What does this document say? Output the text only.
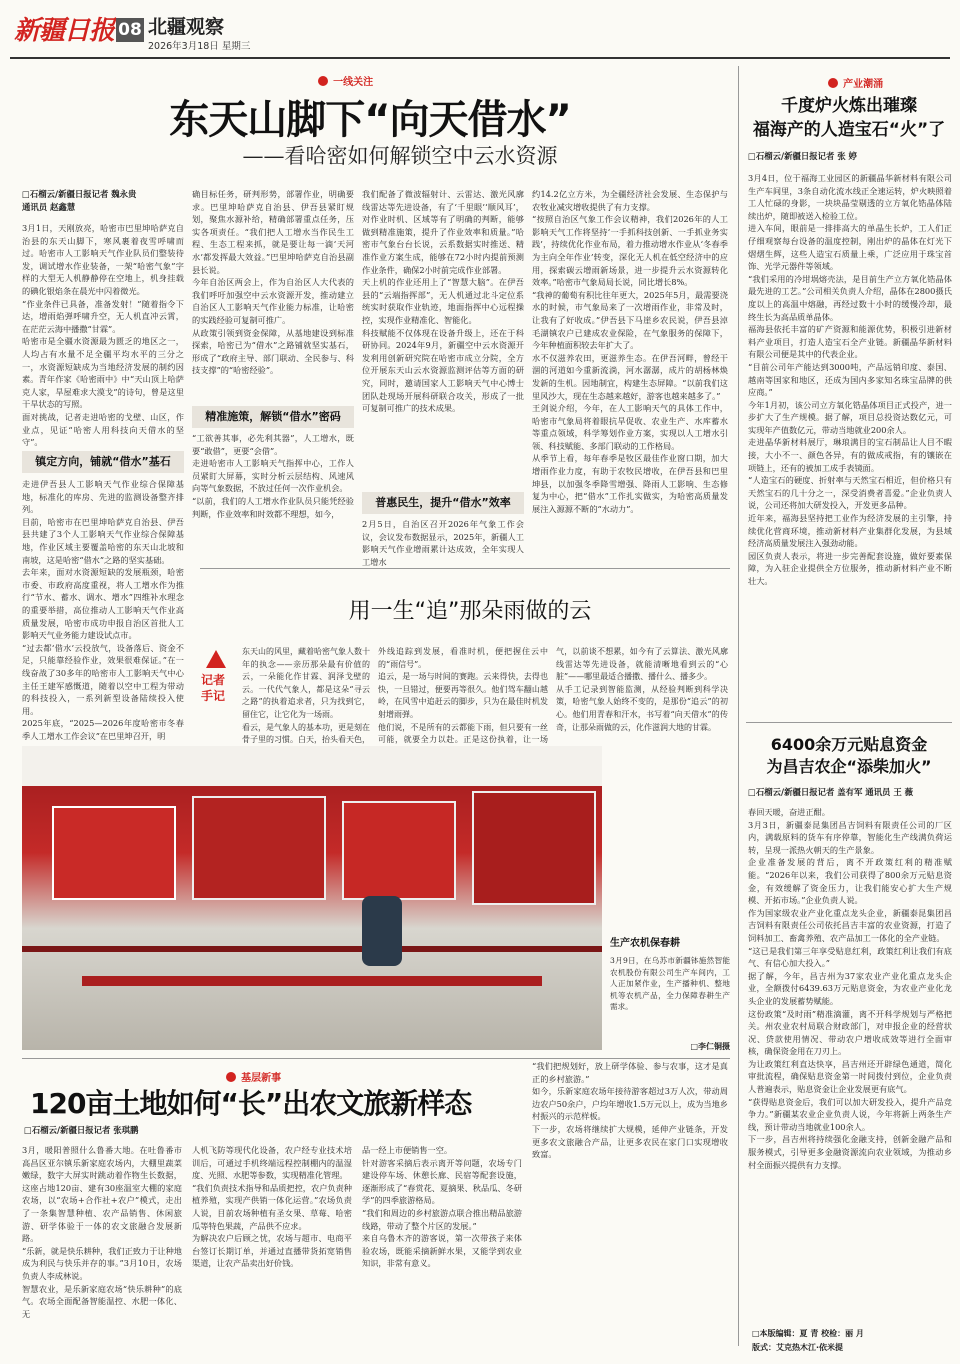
新疆日报 08 北疆观察
2026年3月18日 星期三
一线关注
东天山脚下“向天借水”
——看哈密如何解锁空中云水资源
□石榴云/新疆日报记者 魏永贵
通讯员 赵鑫慧

3月1日，天刚放亮，哈密市巴里坤哈萨克自治县的东天山脚下，寒风裹着夜雪呼啸而过。哈密市人工影响天气作业队员们整装待发，调试增水作业装备，一架“哈密气象”字样的大型无人机静静停在空地上，机身挂载的碘化银焰条在晨光中闪着微光。
“作业条件已具备，准备发射！”随着指令下达，增雨焰弹呼啸升空，无人机直冲云霄，在茫茫云海中播撒“甘霖”。
哈密市是全疆水资源最为匮乏的地区之一，人均占有水量不足全疆平均水平的三分之一，水资源短缺成为当地经济发展的制约因素。青年作家《哈密雨中》中“天山顶上哈萨克人家，旱屋难求大漠戈”的诗句，曾是这里干旱状态的写照。
面对挑战，记者走进哈密的戈壁、山区，作业点，见证“哈密人用科技向天借水的坚守”。

镇定方向，铺就“借水”基石

走进伊吾县人工影响天气作业综合保障基地，标准化的库房、先进的监测设备整齐排列。
目前，哈密市在巴里坤哈萨克自治县、伊吾县共建了3个人工影响天气作业综合保障基地，作业区域主要覆盖哈密的东天山北坡和南坡，这是哈密“借水”之路的坚实基础。
去年来，面对水资源短缺的发展瓶颈，哈密市委、市政府高度重视，将人工增水作为推行“节水、蓄水、调水、增水”四维补水理念的重要举措，高位推动人工影响天气作业高质量发展，哈密市成功申报自治区首批人工影响天气业务能力建设试点市。
“过去都‘借水’云投放气，设备落后、资金不足，只能靠经验作业，效果很难保证。”在一线奋战了30多年的哈密市人工影响天气中心主任王建军感慨道，随着以空中工程为带动的科技投入，一系列新型设备陆续投入使用。
2025年底，“2025—2026年度哈密市冬春季人工增水工作会议”在巴里坤召开，明

确目标任务，研判形势，部署作业，明确要求。巴里坤哈萨克自治县、伊吾县紧盯规划，聚焦水源补给，精确部署重点任务，压实各项责任。“我们把人工增水当作民生工程、生态工程来抓，就是要让每一滴‘天河水’都发挥最大效益。”巴里坤哈萨克自治县副县长说。
今年自治区两会上，作为自治区人大代表的我们呼吁加强空中云水资源开发，推动建立自治区人工影响天气作业能力标准，让哈密的实践经验可复制可推广。
从政策引领到资金保障，从基地建设到标准探索，哈密已为“借水”之路铺就坚实基石，形成了“政府主导、部门联动、全民参与、科技支撑”的“哈密经验”。

精准施策，解锁“借水”密码

“工欲善其事，必先利其器”，人工增水，既要“敢借”，更要“会借”。
走进哈密市人工影响天气指挥中心，工作人员紧盯大屏幕，实时分析云层结构、风速风向等气象数据，不放过任何一次作业机会。
“以前，我们的人工增水作业队员只能凭经验判断，作业效率和时效都不理想，如今，

我们配备了微波辐射计、云雷达、激光风廓线雷达等先进设备，有了‘千里眼’‘顺风耳’，对作业时机、区域等有了明确的判断，能够做到精准施策，提升了作业效率和质量。”哈密市气象台台长说，云系数据实时推送、精准作业方案生成，能够在72小时内提前预测作业条件，确保2小时前完成作业部署。
天上机的作业还用上了“智慧大脑”。在伊吾县的“云端指挥部”，无人机通过北斗定位系统实时获取作业轨迹，地面指挥中心远程操控，实现作业精准化、智能化。
科技赋能不仅体现在设备升级上，还在于科研协同。2024年9月，新疆空中云水资源开发利用创新研究院在哈密市成立分院，全方位开展东天山云水资源监测评估等方面的研究，同时，邀请国家人工影响天气中心博士团队赴现场开展科研联合攻关，形成了一批可复制可推广的技术成果。

普惠民生，提升“借水”效率

2月5日，自治区召开2026年气象工作会议，会议发布数据显示，2025年，新疆人工影响天气作业增雨累计达成效，全年实现人工增水

约14.2亿立方米，为全疆经济社会发展、生态保护与农牧业减灾增收提供了有力支撑。
“按照自治区气象工作会议精神，我们2026年的人工影响天气工作将坚持‘一手抓科技创新、一手抓业务实践’，持续优化作业布局，着力推动增水作业从‘冬春季为主向全年作业’转变，深化无人机在低空经济中的应用，探索碳云增雨新场景，进一步提升云水资源转化效率。”哈密市气象局局长说，同比增长8%。
“我神的葡萄有积比往年更大，2025年5月，最需要浇水的时候，市气象局来了一次增雨作业，非常及时，让我有了好收成。”伊吾县下马崖乡农民说，伊吾县淖毛湖镇农户已建成农业保险，在气象服务的保障下，今年种植面积较去年扩大了。
水不仅滋养农田，更滋养生态。在伊吾河畔，曾经干涸的河道如今重新流淌，河水潺潺，成片的胡杨林焕发新的生机。因地制宜，构建生态屏障。“以前我们这里风沙大，现在生态越来越好，游客也越来越多了。”
王剑说介绍，今年，在人工影响天气的具体工作中，哈密市气象局将着眼抗旱促收、农业生产、水库蓄水等重点领域，科学筹划作业方案，实现以人工增水引领、科技赋能、多部门联动的工作格局。
从季节上看，每年春季是牧区最佳作业窗口期，加大增雨作业力度，有助于农牧民增收，在伊吾县和巴里坤县，以加强冬季降雪增强、降雨人工影响、生态修复为中心，把“借水”工作扎实做实，为哈密高质量发展注入源源不断的“水动力”。

产业潮涌
千度炉火炼出璀璨
福海产的人造宝石“火”了
□石榴云/新疆日报记者 张 婷

3月4日，位于福海工业园区的新疆晶华新材料有限公司生产车间里，3条自动化流水线正全速运转，炉火映照着工人忙碌的身影，一块块晶莹剔透的立方氧化锆晶体陆续出炉，随即被送入检验工位。
进入车间，眼前是一排排高大的单晶生长炉，工人们正仔细观察每台设备的温度控制，刚出炉的晶体在灯光下熠熠生辉，这些人造宝石质量上乘，广泛应用于珠宝首饰、光学元器件等领域。
“我们采用的冷坩埚熔壳法，是目前生产立方氧化锆晶体最先进的工艺。”公司相关负责人介绍，晶体在2800摄氏度以上的高温中熔融，再经过数十小时的缓慢冷却，最终生长为高品质单晶体。
福海县依托丰富的矿产资源和能源优势，积极引进新材料产业项目，打造人造宝石全产业链。新疆晶华新材料有限公司便是其中的代表企业。
“目前公司年产能达到3000吨，产品远销印度、泰国、越南等国家和地区，还成为国内多家知名珠宝品牌的供应商。”
今年1月初，该公司立方氧化锆晶体项目正式投产，进一步扩大了生产规模。据了解，项目总投资达数亿元，可实现年产值数亿元，带动当地就业200余人。
走进晶华新材料展厅，琳琅满目的宝石制品让人目不暇接，大小不一、颜色各异，有的做成戒指，有的镶嵌在项链上，还有的被加工成手表镜面。
“人造宝石的硬度、折射率与天然宝石相近，但价格只有天然宝石的几十分之一，深受消费者喜爱。”企业负责人说，公司还将加大研发投入，开发更多品种。
近年来，福海县坚持把工业作为经济发展的主引擎，持续优化营商环境，推动新材料产业集群化发展，为县域经济高质量发展注入强劲动能。
园区负责人表示，将进一步完善配套设施，做好要素保障，为入驻企业提供全方位服务，推动新材料产业不断壮大。

用一生“追”那朵雨做的云
记者手记

东天山的风里，藏着哈密气象人数十年的执念——亲历那朵最有价值的云，一朵能化作甘霖、润泽戈壁的云。一代代气象人，都是这朵“寻云之路”的执着追求者，只为找到它，留住它，让它化为一场雨。
看云，是气象人的基本功，更是刻在骨子里的习惯。白天，抬头看天色，

外线追踪到发展，看准时机，便把握住云中的“雨信号”。
追云，是一场与时间的赛跑。云来得快，去得也快，一旦错过，便要再等很久。他们驾车翻山越岭，在风雪中追赶云的脚步，只为在最佳时机发射增雨弹。
他们说，不是所有的云都能下雨，但只要有一丝可能，就要全力以赴。正是这份执着，让一场

气，以前谈不想累，如今有了云算法、激光风廓线雷达等先进设备，就能清晰地看到云的“心脏”——哪里最适合播撒、播什么、播多少。
从手工记录到智能监测，从经验判断到科学决策，哈密气象人始终不变的，是那份“追云”的初心。他们用青春和汗水，书写着“向天借水”的传奇，让那朵雨做的云，化作滋润大地的甘霖。

生产农机保春耕
3月9日，在乌苏市新疆钵施然智能农机股份有限公司生产车间内，工人正加紧作业，生产播种机、整地机等农机产品，全力保障春耕生产需求。
□李仁铜摄
6400余万元贴息资金
为昌吉农企“添柴加火”
□石榴云/新疆日报记者 盖有军 通讯员 王 薇

春回天暖，奋进正酣。
3月3日，新疆泰昆集团昌吉饲料有限责任公司的厂区内，满载原料的货车有序停靠，智能化生产线满负荷运转，呈现一派热火朝天的生产景象。
企业准备发展的背后，离不开政策红利的精准赋能。“2026年以来，我们公司获得了800余万元贴息资金，有效缓解了资金压力，让我们能安心扩大生产规模、开拓市场。”企业负责人说。
作为国家级农业产业化重点龙头企业，新疆泰昆集团昌吉饲料有限责任公司依托昌吉丰富的农业资源，打造了饲料加工、畜禽养殖、农产品加工一体化的全产业链。
“这已是我们第三年享受贴息红利，政策红利让我们有底气、有信心加大投入。”
据了解，今年，昌吉州为37家农业产业化重点龙头企业，全额拨付6439.63万元贴息资金，为农业产业化龙头企业的发展蓄势赋能。
这份政策“及时雨”精准滴灌，离不开科学规划与严格把关。州农业农村局联合财政部门，对申报企业的经营状况、贷款使用情况、带动农户增收成效等进行全面审核，确保资金用在刀刃上。
为让政策红利直达快享，昌吉州还开辟绿色通道，简化审批流程，确保贴息资金第一时间拨付到位，企业负责人普遍表示，贴息资金让企业发展更有底气。
“获得贴息资金后，我们可以加大研发投入，提升产品竞争力。”新疆某农业企业负责人说，今年将新上两条生产线，预计带动当地就业100余人。
下一步，昌吉州将持续强化金融支持，创新金融产品和服务模式，引导更多金融资源流向农业领域，为推动乡村全面振兴提供有力支撑。

基层新事
120亩土地如何“长”出农文旅新样态
□石榴云/新疆日报记者 张琪鹏

3月，暖阳普照什么鲁番大地。在吐鲁番市高昌区亚尔镇乐新家庭农场内，大棚里蔬菜嫩绿，数字大屏实时跳动着作物生长数据，这座占地120亩、建有30座温室大棚的家庭农场，以“农场+合作社+农户”模式，走出了一条集智慧种植、农产品销售、休闲旅游、研学体验于一体的农文旅融合发展新路。
“乐新，就是快乐耕种，我们正致力于让种地成为利民与快乐并存的事。”3月10日，农场负责人李成林说。
智慧农业，是乐新家庭农场“快乐耕种”的底气。农场全面配备智能温控、水肥一体化、无

人机飞防等现代化设备，农户经专业技术培训后，可通过手机终端远程控制棚内的温湿度、光照、水肥等参数，实现精准化管理。
“我们负责技术指导和品质把控，农户负责种植养殖，实现产供销一体化运营。”农场负责人说，目前农场种植有圣女果、草莓、哈密瓜等特色果蔬，产品供不应求。
为解决农户后顾之忧，农场与超市、电商平台签订长期订单，并通过直播带货拓宽销售渠道，让农产品卖出好价钱。

品一经上市便销售一空。
针对游客采摘后表示离开等问题，农场专门建设停车场、休憩长廊、民宿等配套设施，逐渐形成了“春赏花、夏摘果、秋品瓜、冬研学”的四季旅游格局。
“我们和周边的乡村旅游点联合推出精品旅游线路，带动了整个片区的发展。”
来自乌鲁木齐的游客说，第一次带孩子来体验农场，既能采摘新鲜水果，又能学到农业知识，非常有意义。

“我们把规划好，放上研学体验、参与农事，这才是真正的乡村旅游。”
如今，乐新家庭农场年接待游客超过3万人次，带动周边农户50余户，户均年增收1.5万元以上，成为当地乡村振兴的示范样板。
下一步，农场将继续扩大规模，延伸产业链条，开发更多农文旅融合产品，让更多农民在家门口实现增收致富。

□本版编辑：夏 青 校检：丽 月
版式：艾克热木江·依米提
